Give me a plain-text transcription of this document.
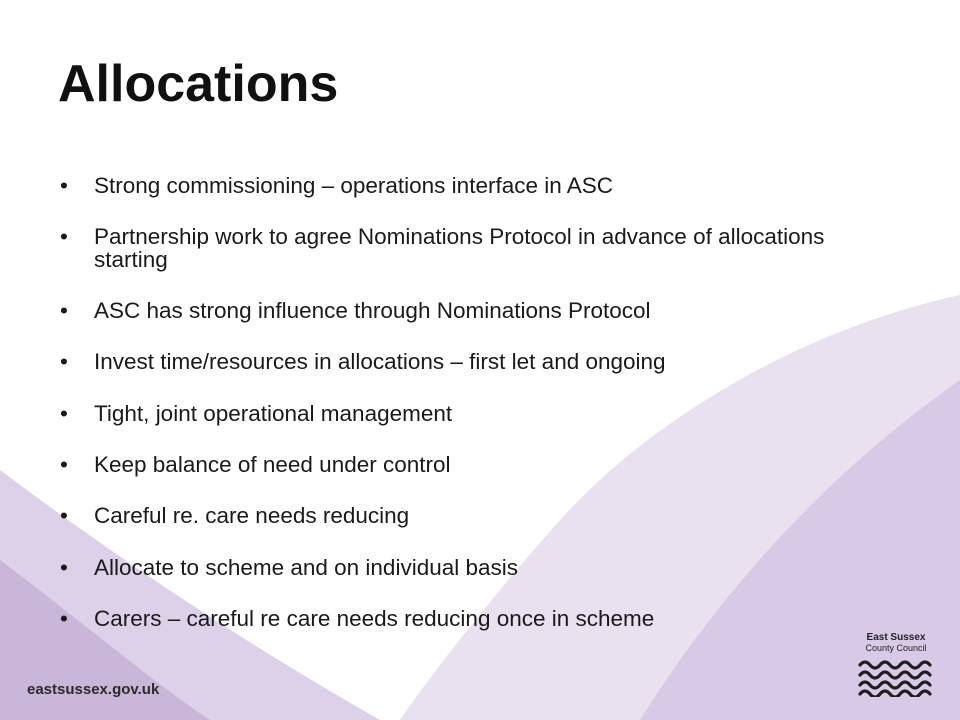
Allocations
• Strong commissioning – operations interface in ASC
• Partnership work to agree Nominations Protocol in advance of allocations starting
• ASC has strong influence through Nominations Protocol
• Invest time/resources in allocations – first let and ongoing
• Tight, joint operational management
• Keep balance of need under control
• Careful re. care needs reducing
• Allocate to scheme and on individual basis
• Carers – careful re care needs reducing once in scheme
eastsussex.gov.uk
East Sussex
County Council
